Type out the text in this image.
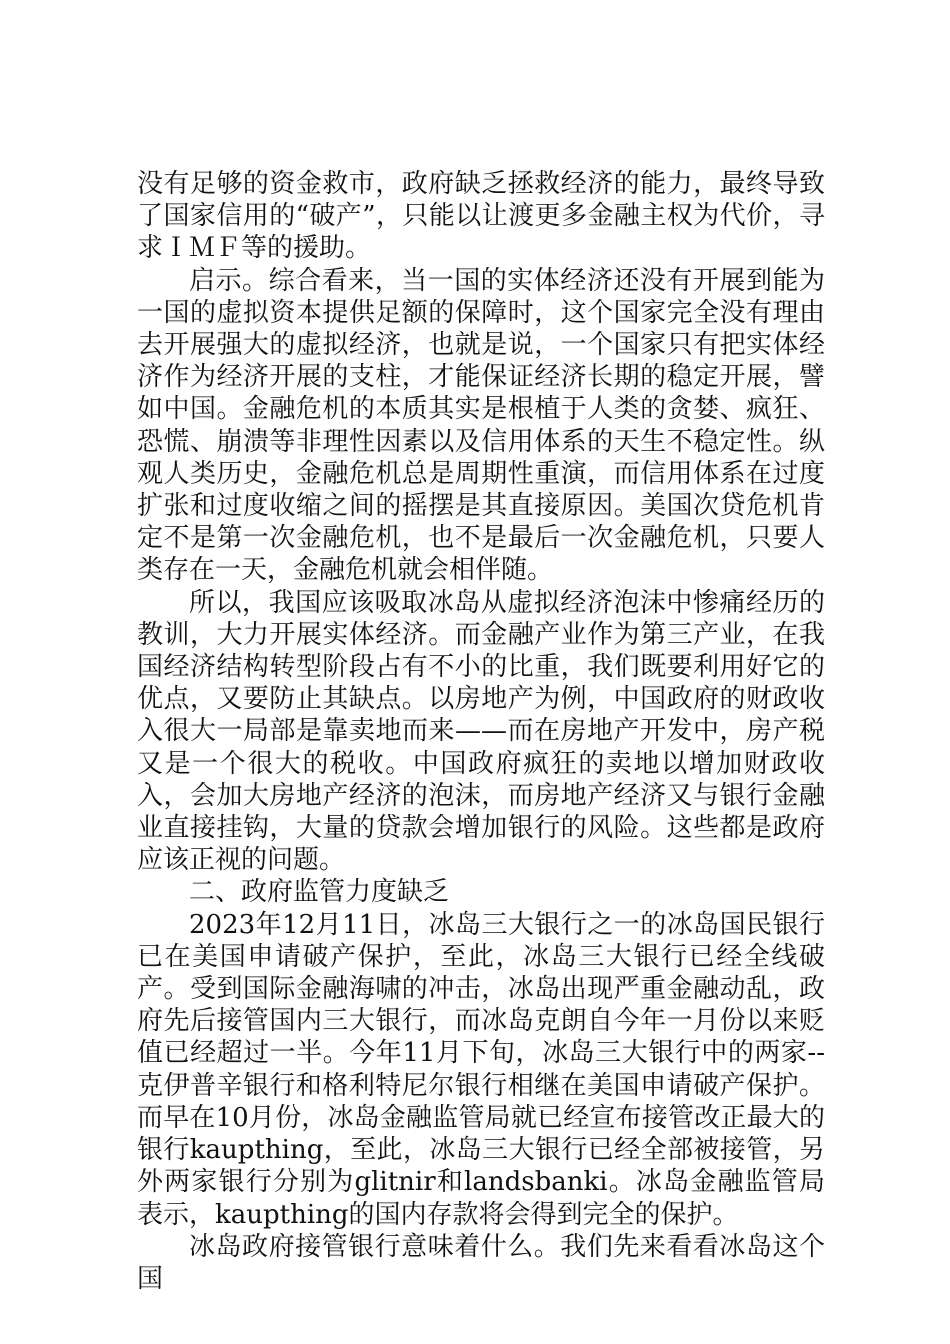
没有足够的资金救市，政府缺乏拯救经济的能力，最终导致了国家信用的“破产”，只能以让渡更多金融主权为代价，寻求ＩＭＦ等的援助。

启示。综合看来，当一国的实体经济还没有开展到能为一国的虚拟资本提供足额的保障时，这个国家完全没有理由去开展强大的虚拟经济，也就是说，一个国家只有把实体经济作为经济开展的支柱，才能保证经济长期的稳定开展，譬如中国。金融危机的本质其实是根植于人类的贪婪、疯狂、恐慌、崩溃等非理性因素以及信用体系的天生不稳定性。纵观人类历史，金融危机总是周期性重演，而信用体系在过度扩张和过度收缩之间的摇摆是其直接原因。美国次贷危机肯定不是第一次金融危机，也不是最后一次金融危机，只要人类存在一天，金融危机就会相伴随。

所以，我国应该吸取冰岛从虚拟经济泡沫中惨痛经历的教训，大力开展实体经济。而金融产业作为第三产业，在我国经济结构转型阶段占有不小的比重，我们既要利用好它的优点，又要防止其缺点。以房地产为例，中国政府的财政收入很大一局部是靠卖地而来——而在房地产开发中，房产税又是一个很大的税收。中国政府疯狂的卖地以增加财政收入，会加大房地产经济的泡沫，而房地产经济又与银行金融业直接挂钩，大量的贷款会增加银行的风险。这些都是政府应该正视的问题。

二、政府监管力度缺乏

2023年12月11日，冰岛三大银行之一的冰岛国民银行已在美国申请破产保护，至此，冰岛三大银行已经全线破产。受到国际金融海啸的冲击，冰岛出现严重金融动乱，政府先后接管国内三大银行，而冰岛克朗自今年一月份以来贬值已经超过一半。今年11月下旬，冰岛三大银行中的两家--克伊普辛银行和格利特尼尔银行相继在美国申请破产保护。而早在10月份，冰岛金融监管局就已经宣布接管改正最大的银行kaupthing，至此，冰岛三大银行已经全部被接管，另外两家银行分别为glitnir和landsbanki。冰岛金融监管局表示，kaupthing的国内存款将会得到完全的保护。

冰岛政府接管银行意味着什么。我们先来看看冰岛这个国
